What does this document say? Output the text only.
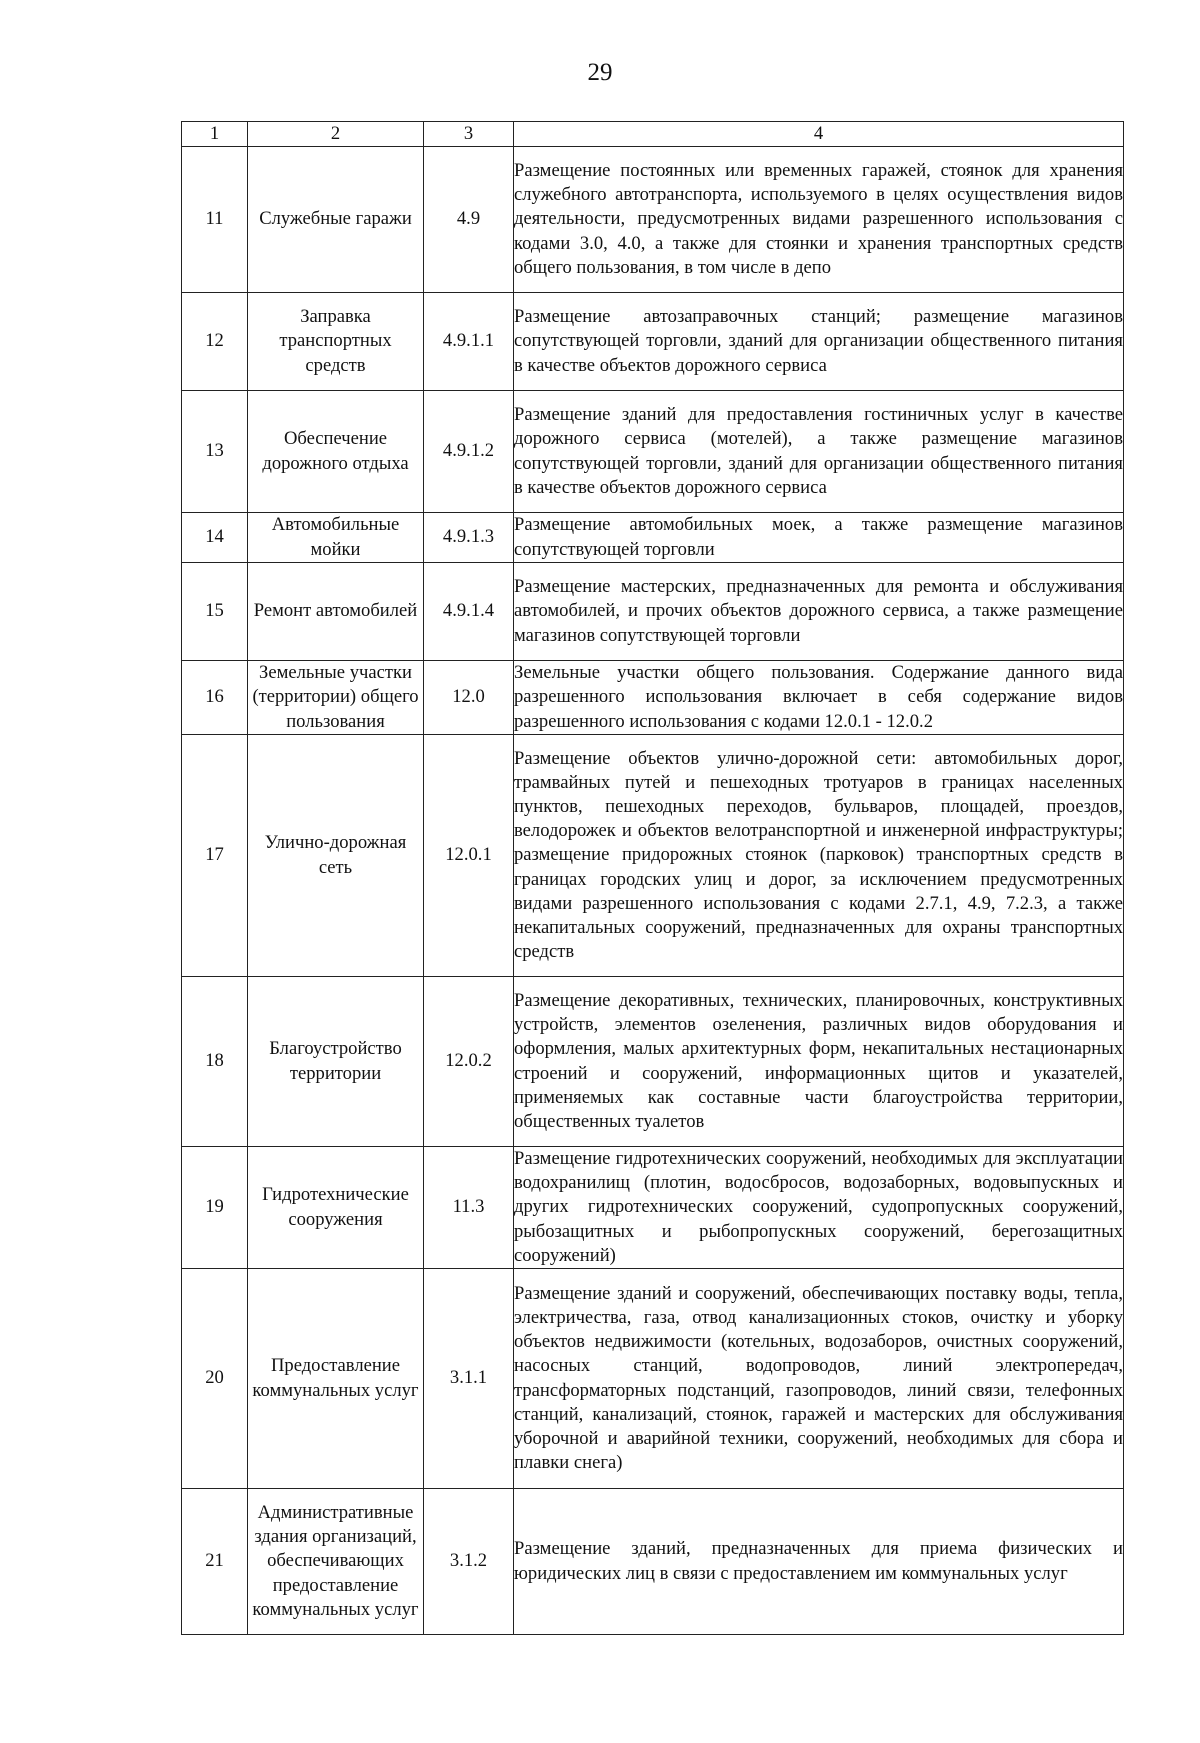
29
1	2	3	4
11	Служебные гаражи	4.9	Размещение постоянных или временных гаражей, стоянок для хранения служебного автотранспорта, используемого в целях осуществления видов деятельности, предусмотренных видами разрешенного использования с кодами 3.0, 4.0, а также для стоянки и хранения транспортных средств общего пользования, в том числе в депо
12	Заправка транспортных средств	4.9.1.1	Размещение автозаправочных станций; размещение магазинов сопутствующей торговли, зданий для организации общественного питания в качестве объектов дорожного сервиса
13	Обеспечение дорожного отдыха	4.9.1.2	Размещение зданий для предоставления гостиничных услуг в качестве дорожного сервиса (мотелей), а также размещение магазинов сопутствующей торговли, зданий для организации общественного питания в качестве объектов дорожного сервиса
14	Автомобильные мойки	4.9.1.3	Размещение автомобильных моек, а также размещение магазинов сопутствующей торговли
15	Ремонт автомобилей	4.9.1.4	Размещение мастерских, предназначенных для ремонта и обслуживания автомобилей, и прочих объектов дорожного сервиса, а также размещение магазинов сопутствующей торговли
16	Земельные участки (территории) общего пользования	12.0	Земельные участки общего пользования. Содержание данного вида разрешенного использования включает в себя содержание видов разрешенного использования с кодами 12.0.1 - 12.0.2
17	Улично-дорожная сеть	12.0.1	Размещение объектов улично-дорожной сети: автомобильных дорог, трамвайных путей и пешеходных тротуаров в границах населенных пунктов, пешеходных переходов, бульваров, площадей, проездов, велодорожек и объектов велотранспортной и инженерной инфраструктуры; размещение придорожных стоянок (парковок) транспортных средств в границах городских улиц и дорог, за исключением предусмотренных видами разрешенного использования с кодами 2.7.1, 4.9, 7.2.3, а также некапитальных сооружений, предназначенных для охраны транспортных средств
18	Благоустройство территории	12.0.2	Размещение декоративных, технических, планировочных, конструктивных устройств, элементов озеленения, различных видов оборудования и оформления, малых архитектурных форм, некапитальных нестационарных строений и сооружений, информационных щитов и указателей, применяемых как составные части благоустройства территории, общественных туалетов
19	Гидротехнические сооружения	11.3	Размещение гидротехнических сооружений, необходимых для эксплуатации водохранилищ (плотин, водосбросов, водозаборных, водовыпускных и других гидротехнических сооружений, судопропускных сооружений, рыбозащитных и рыбопропускных сооружений, берегозащитных сооружений)
20	Предоставление коммунальных услуг	3.1.1	Размещение зданий и сооружений, обеспечивающих поставку воды, тепла, электричества, газа, отвод канализационных стоков, очистку и уборку объектов недвижимости (котельных, водозаборов, очистных сооружений, насосных станций, водопроводов, линий электропередач, трансформаторных подстанций, газопроводов, линий связи, телефонных станций, канализаций, стоянок, гаражей и мастерских для обслуживания уборочной и аварийной техники, сооружений, необходимых для сбора и плавки снега)
21	Административные здания организаций, обеспечивающих предоставление коммунальных услуг	3.1.2	Размещение зданий, предназначенных для приема физических и юридических лиц в связи с предоставлением им коммунальных услуг
